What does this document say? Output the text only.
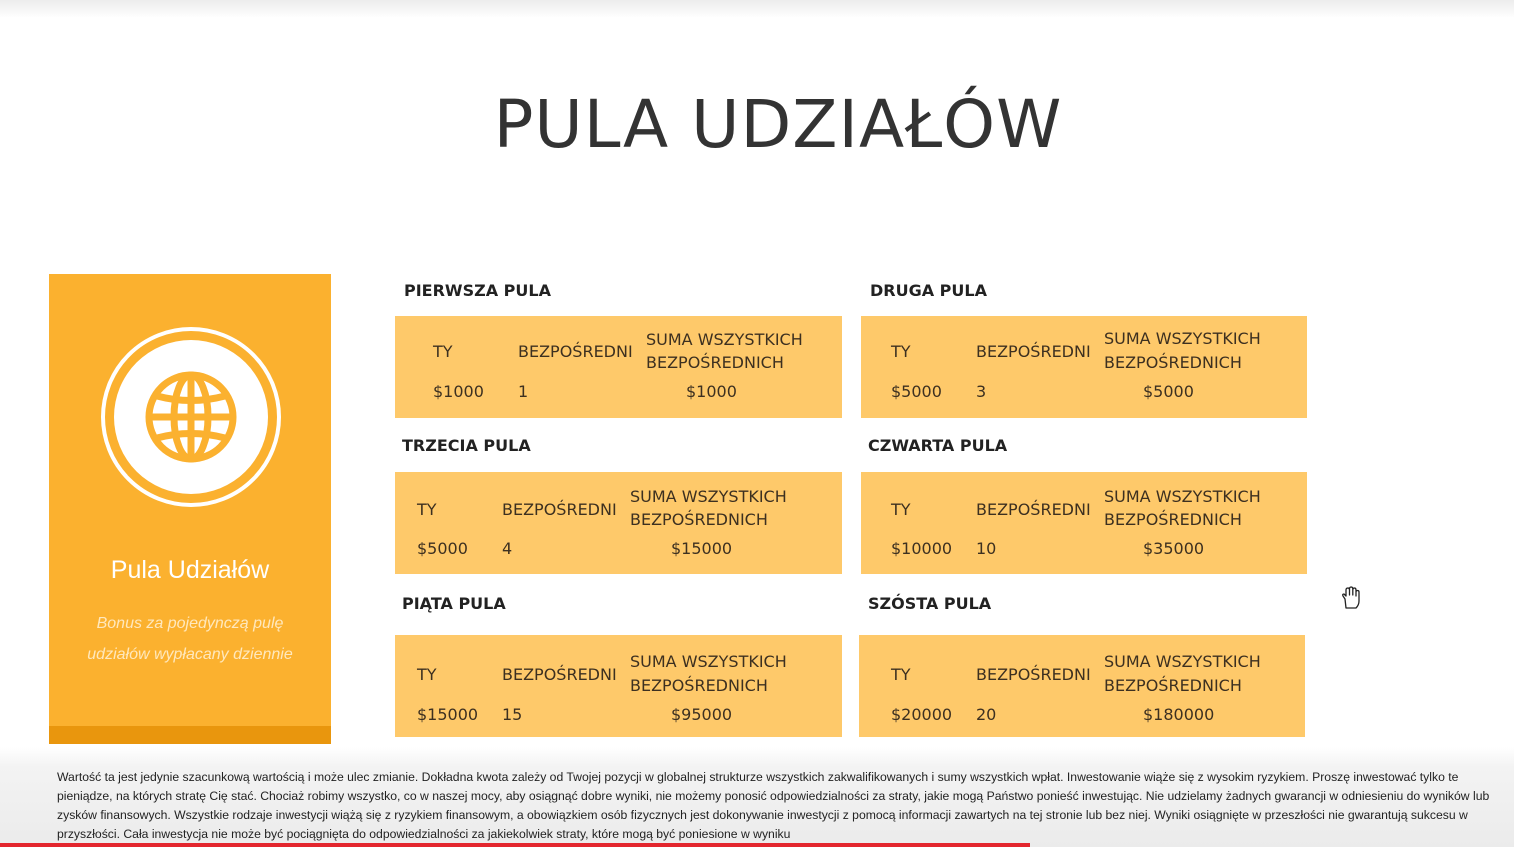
PULA UDZIAŁÓW
Pula Udziałów
Bonus za pojedynczą pulę
udziałów wypłacany dziennie
PIERWSZA PULA
TY	BEZPOŚREDNI
SUMA WSZYSTKICH
BEZPOŚREDNICH
$1000 1	$1000
DRUGA PULA
TY	BEZPOŚREDNI
SUMA WSZYSTKICH
BEZPOŚREDNICH
$5000 3	$5000
TRZECIA PULA
TY	BEZPOŚREDNI
SUMA WSZYSTKICH
BEZPOŚREDNICH
$5000 4	$15000
CZWARTA PULA
TY	BEZPOŚREDNI
SUMA WSZYSTKICH
BEZPOŚREDNICH
$10000 10	$35000
PIĄTA PULA
TY	BEZPOŚREDNI
SUMA WSZYSTKICH
BEZPOŚREDNICH
$15000 15	$95000
SZÓSTA PULA
TY	BEZPOŚREDNI
SUMA WSZYSTKICH
BEZPOŚREDNICH
$20000 20	$180000

Wartość ta jest jedynie szacunkową wartością i może ulec zmianie. Dokładna kwota zależy od Twojej pozycji w globalnej strukturze wszystkich zakwalifikowanych i sumy wszystkich wpłat. Inwestowanie wiąże się z wysokim ryzykiem. Proszę inwestować tylko te pieniądze, na których stratę Cię stać. Chociaż robimy wszystko, co w naszej mocy, aby osiągnąć dobre wyniki, nie możemy ponosić odpowiedzialności za straty, jakie mogą Państwo ponieść inwestując. Nie udzielamy żadnych gwarancji w odniesieniu do wyników lub zysków finansowych. Wszystkie rodzaje inwestycji wiążą się z ryzykiem finansowym, a obowiązkiem osób fizycznych jest dokonywanie inwestycji z pomocą informacji zawartych na tej stronie lub bez niej. Wyniki osiągnięte w przeszłości nie gwarantują sukcesu w przyszłości. Cała inwestycja nie może być pociągnięta do odpowiedzialności za jakiekolwiek straty, które mogą być poniesione w wyniku
